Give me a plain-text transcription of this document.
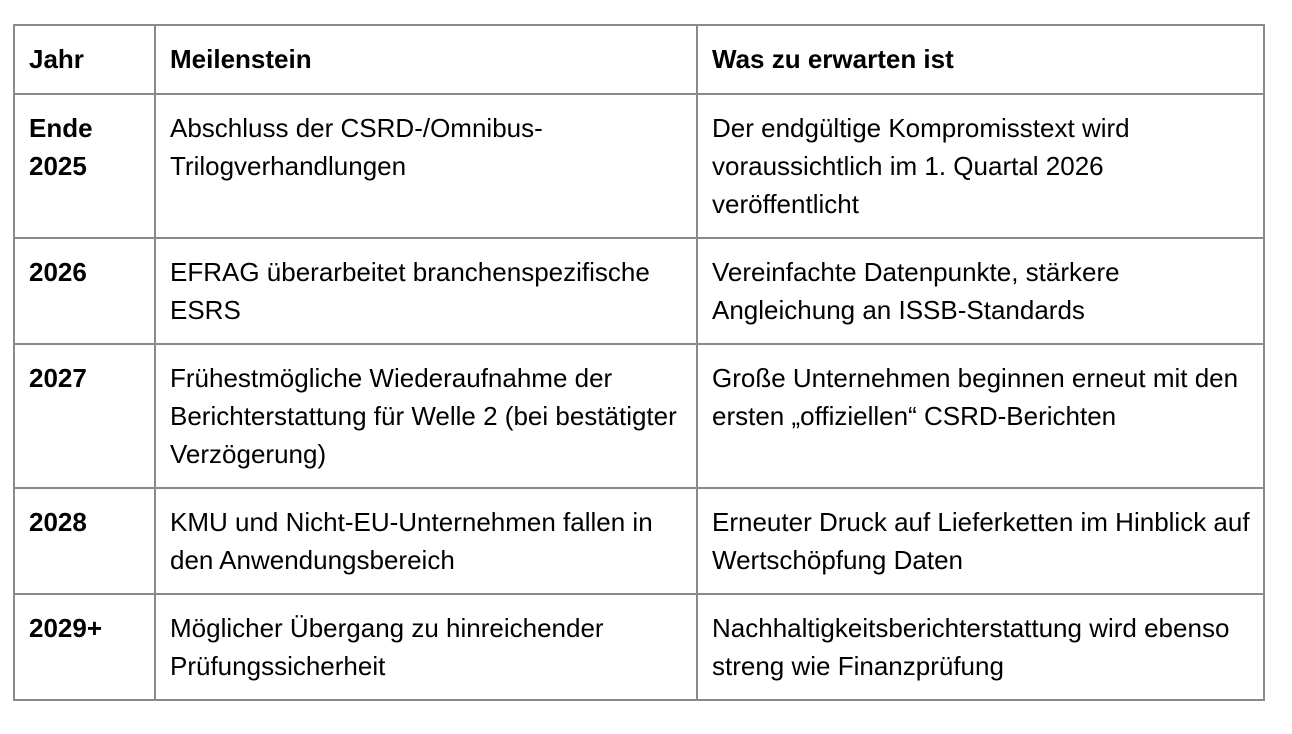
Jahr	Meilenstein	Was zu erwarten ist
Ende 2025	Abschluss der CSRD-/Omnibus-Trilogverhandlungen	Der endgültige Kompromisstext wird voraussichtlich im 1. Quartal 2026 veröffentlicht
2026	EFRAG überarbeitet branchenspezifische ESRS	Vereinfachte Datenpunkte, stärkere Angleichung an ISSB-Standards
2027	Frühestmögliche Wiederaufnahme der Berichterstattung für Welle 2 (bei bestätigter Verzögerung)	Große Unternehmen beginnen erneut mit den ersten „offiziellen“ CSRD-Berichten
2028	KMU und Nicht-EU-Unternehmen fallen in den Anwendungsbereich	Erneuter Druck auf Lieferketten im Hinblick auf Wertschöpfung Daten
2029+	Möglicher Übergang zu hinreichender Prüfungssicherheit	Nachhaltigkeitsberichterstattung wird ebenso streng wie Finanzprüfung
